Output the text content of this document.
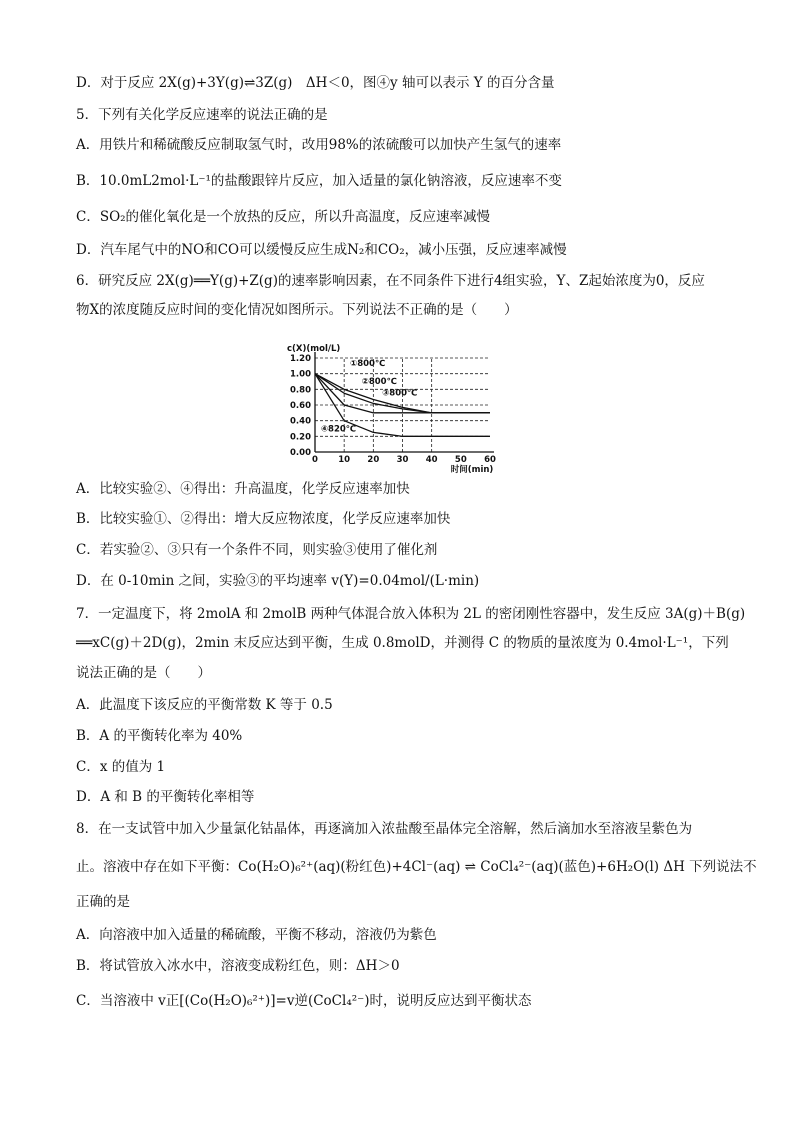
D．对于反应 2X(g)+3Y(g)⇌3Z(g)　ΔH＜0，图④y 轴可以表示 Y 的百分含量
5．下列有关化学反应速率的说法正确的是
A．用铁片和稀硫酸反应制取氢气时，改用98%的浓硫酸可以加快产生氢气的速率
B．10.0mL2mol·L⁻¹的盐酸跟锌片反应，加入适量的氯化钠溶液，反应速率不变
C．SO₂的催化氧化是一个放热的反应，所以升高温度，反应速率减慢
D．汽车尾气中的NO和CO可以缓慢反应生成N₂和CO₂，减小压强，反应速率减慢
6．研究反应 2X(g)══Y(g)+Z(g)的速率影响因素，在不同条件下进行4组实验，Y、Z起始浓度为0，反应
物X的浓度随反应时间的变化情况如图所示。下列说法不正确的是（　　）
A．比较实验②、④得出：升高温度，化学反应速率加快
B．比较实验①、②得出：增大反应物浓度，化学反应速率加快
C．若实验②、③只有一个条件不同，则实验③使用了催化剂
D．在 0-10min 之间，实验③的平均速率 v(Y)=0.04mol/(L·min)
7．一定温度下，将 2molA 和 2molB 两种气体混合放入体积为 2L 的密闭刚性容器中，发生反应 3A(g)＋B(g)
══xC(g)＋2D(g)，2min 末反应达到平衡，生成 0.8molD，并测得 C 的物质的量浓度为 0.4mol·L⁻¹，下列
说法正确的是（　　）
A．此温度下该反应的平衡常数 K 等于 0.5
B．A 的平衡转化率为 40%
C．x 的值为 1
D．A 和 B 的平衡转化率相等
8．在一支试管中加入少量氯化钴晶体，再逐滴加入浓盐酸至晶体完全溶解，然后滴加水至溶液呈紫色为
止。溶液中存在如下平衡：Co(H₂O)₆²⁺(aq)(粉红色)+4Cl⁻(aq) ⇌ CoCl₄²⁻(aq)(蓝色)+6H₂O(l) ΔH 下列说法不
正确的是
A．向溶液中加入适量的稀硫酸，平衡不移动，溶液仍为紫色
B．将试管放入冰水中，溶液变成粉红色，则：ΔH＞0
C．当溶液中 v正[(Co(H₂O)₆²⁺)]=v逆(CoCl₄²⁻)时，说明反应达到平衡状态
0.00
0.20
0.40
0.60
0.80
1.00
1.20
0 10 20 30 40 50 60
c(X)(mol/L)
时间(min)
①800℃
②800℃
③800℃
④820℃
